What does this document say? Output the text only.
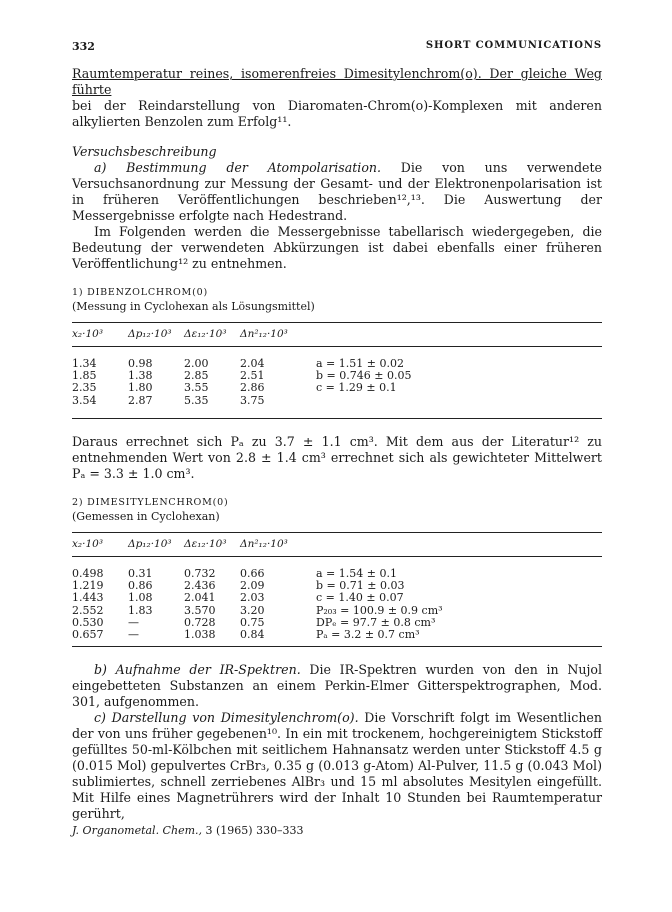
332	SHORT COMMUNICATIONS

Raumtemperatur reines, isomerenfreies Dimesitylenchrom(o). Der gleiche Weg führte

bei der Reindarstellung von Diaromaten-Chrom(o)-Komplexen mit anderen alkylierten Benzolen zum Erfolg¹¹.

Versuchsbeschreibung

a) Bestimmung der Atompolarisation. Die von uns verwendete Versuchsanordnung zur Messung der Gesamt- und der Elektronenpolarisation ist in früheren Veröffentlichungen beschrieben¹²,¹³. Die Auswertung der Messergebnisse erfolgte nach Hedestrand.

Im Folgenden werden die Messergebnisse tabellarisch wiedergegeben, die Bedeutung der verwendeten Abkürzungen ist dabei ebenfalls einer früheren Veröffentlichung¹² zu entnehmen.

1) DIBENZOLCHROM(0)
(Messung in Cyclohexan als Lösungsmittel)
x₂·10³ Δp₁₂·10³ Δε₁₂·10³ Δn²₁₂·10³
1.34
1.85
2.35
3.54
0.98
1.38
1.80
2.87
2.00
2.85
3.55
5.35
2.04
2.51
2.86
3.75
a = 1.51 ± 0.02
b = 0.746 ± 0.05
c = 1.29 ± 0.1

Daraus errechnet sich Pₐ zu 3.7 ± 1.1 cm³. Mit dem aus der Literatur¹² zu entnehmenden Wert von 2.8 ± 1.4 cm³ errechnet sich als gewichteter Mittelwert Pₐ = 3.3 ± 1.0 cm³.

2) DIMESITYLENCHROM(0)
(Gemessen in Cyclohexan)
x₂·10³ Δp₁₂·10³ Δε₁₂·10³ Δn²₁₂·10³
0.498
1.219
1.443
2.552
0.530
0.657
0.31
0.86
1.08
1.83
—
—
0.732
2.436
2.041
3.570
0.728
1.038
0.66
2.09
2.03
3.20
0.75
0.84
a = 1.54 ± 0.1
b = 0.71 ± 0.03
c = 1.40 ± 0.07
P₂₀₃ = 100.9 ± 0.9 cm³
DPₑ = 97.7 ± 0.8 cm³
Pₐ = 3.2 ± 0.7 cm³

b) Aufnahme der IR-Spektren. Die IR-Spektren wurden von den in Nujol eingebetteten Substanzen an einem Perkin-Elmer Gitterspektrographen, Mod. 301, aufgenommen.

c) Darstellung von Dimesitylenchrom(o). Die Vorschrift folgt im Wesentlichen der von uns früher gegebenen¹⁰. In ein mit trockenem, hochgereinigtem Stickstoff gefülltes 50-ml-Kölbchen mit seitlichem Hahnansatz werden unter Stickstoff 4.5 g (0.015 Mol) gepulvertes CrBr₃, 0.35 g (0.013 g-Atom) Al-Pulver, 11.5 g (0.043 Mol) sublimiertes, schnell zerriebenes AlBr₃ und 15 ml absolutes Mesitylen eingefüllt. Mit Hilfe eines Magnetrührers wird der Inhalt 10 Stunden bei Raumtemperatur gerührt,

J. Organometal. Chem., 3 (1965) 330–333
